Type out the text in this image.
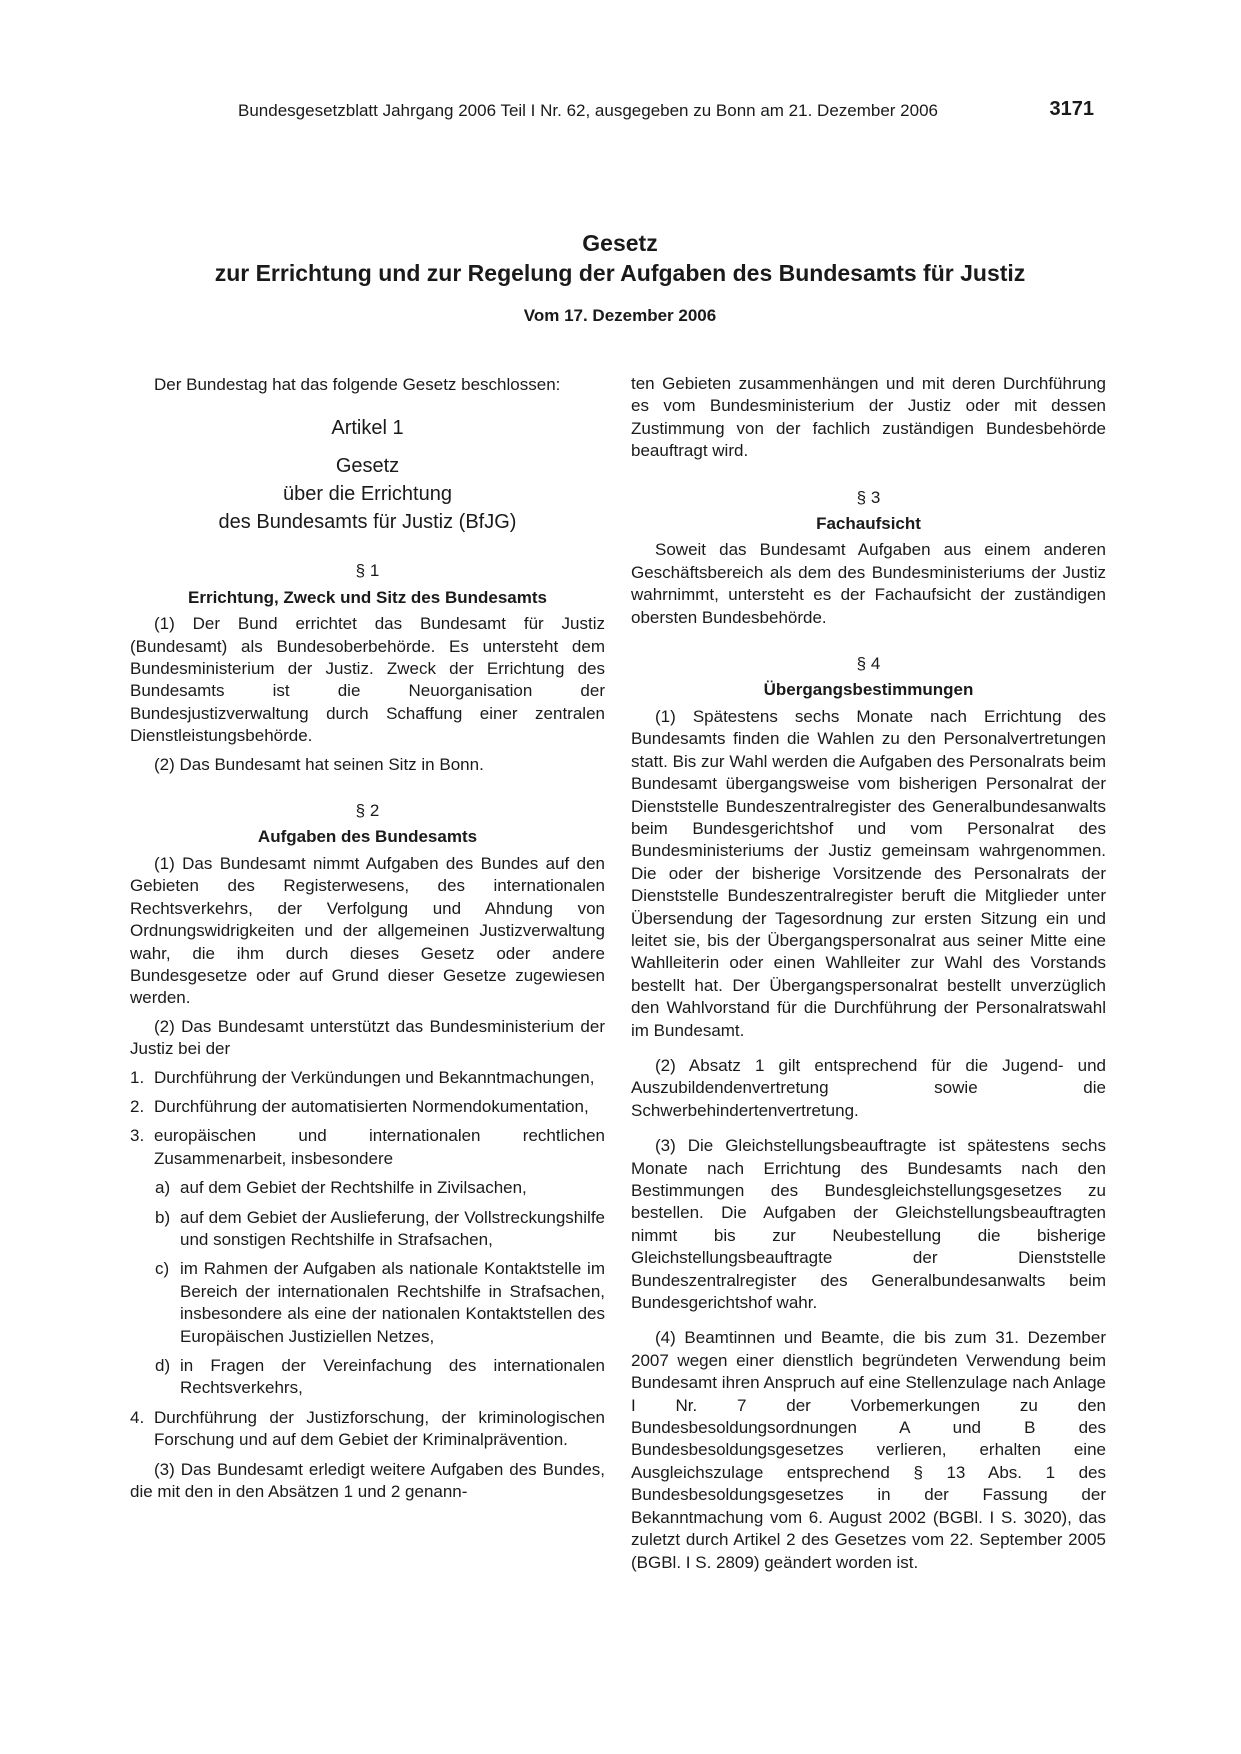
Bundesgesetzblatt Jahrgang 2006 Teil I Nr. 62, ausgegeben zu Bonn am 21. Dezember 2006	3171
Gesetz
zur Errichtung und zur Regelung der Aufgaben des Bundesamts für Justiz
Vom 17. Dezember 2006

Der Bundestag hat das folgende Gesetz beschlossen:

Artikel 1
Gesetz
über die Errichtung
des Bundesamts für Justiz (BfJG)
§ 1
Errichtung, Zweck und Sitz des Bundesamts

(1) Der Bund errichtet das Bundesamt für Justiz (Bundesamt) als Bundesoberbehörde. Es untersteht dem Bundesministerium der Justiz. Zweck der Errichtung des Bundesamts ist die Neuorganisation der Bundesjustizverwaltung durch Schaffung einer zentralen Dienstleistungsbehörde.

(2) Das Bundesamt hat seinen Sitz in Bonn.

§ 2
Aufgaben des Bundesamts

(1) Das Bundesamt nimmt Aufgaben des Bundes auf den Gebieten des Registerwesens, des internationalen Rechtsverkehrs, der Verfolgung und Ahndung von Ordnungswidrigkeiten und der allgemeinen Justizverwaltung wahr, die ihm durch dieses Gesetz oder andere Bundesgesetze oder auf Grund dieser Gesetze zugewiesen werden.

(2) Das Bundesamt unterstützt das Bundesministerium der Justiz bei der

1. Durchführung der Verkündungen und Bekanntmachungen,
2. Durchführung der automatisierten Normendokumentation,
3. europäischen und internationalen rechtlichen Zusammenarbeit, insbesondere
a) auf dem Gebiet der Rechtshilfe in Zivilsachen,
b) auf dem Gebiet der Auslieferung, der Vollstreckungshilfe und sonstigen Rechtshilfe in Strafsachen,
c) im Rahmen der Aufgaben als nationale Kontaktstelle im Bereich der internationalen Rechtshilfe in Strafsachen, insbesondere als eine der nationalen Kontaktstellen des Europäischen Justiziellen Netzes,
d) in Fragen der Vereinfachung des internationalen Rechtsverkehrs,
4. Durchführung der Justizforschung, der kriminologischen Forschung und auf dem Gebiet der Kriminalprävention.

(3) Das Bundesamt erledigt weitere Aufgaben des Bundes, die mit den in den Absätzen 1 und 2 genann-

ten Gebieten zusammenhängen und mit deren Durchführung es vom Bundesministerium der Justiz oder mit dessen Zustimmung von der fachlich zuständigen Bundesbehörde beauftragt wird.

§ 3
Fachaufsicht

Soweit das Bundesamt Aufgaben aus einem anderen Geschäftsbereich als dem des Bundesministeriums der Justiz wahrnimmt, untersteht es der Fachaufsicht der zuständigen obersten Bundesbehörde.

§ 4
Übergangsbestimmungen

(1) Spätestens sechs Monate nach Errichtung des Bundesamts finden die Wahlen zu den Personalvertretungen statt. Bis zur Wahl werden die Aufgaben des Personalrats beim Bundesamt übergangsweise vom bisherigen Personalrat der Dienststelle Bundeszentralregister des Generalbundesanwalts beim Bundesgerichtshof und vom Personalrat des Bundesministeriums der Justiz gemeinsam wahrgenommen. Die oder der bisherige Vorsitzende des Personalrats der Dienststelle Bundeszentralregister beruft die Mitglieder unter Übersendung der Tagesordnung zur ersten Sitzung ein und leitet sie, bis der Übergangspersonalrat aus seiner Mitte eine Wahlleiterin oder einen Wahlleiter zur Wahl des Vorstands bestellt hat. Der Übergangspersonalrat bestellt unverzüglich den Wahlvorstand für die Durchführung der Personalratswahl im Bundesamt.

(2) Absatz 1 gilt entsprechend für die Jugend- und Auszubildendenvertretung sowie die Schwerbehindertenvertretung.

(3) Die Gleichstellungsbeauftragte ist spätestens sechs Monate nach Errichtung des Bundesamts nach den Bestimmungen des Bundesgleichstellungsgesetzes zu bestellen. Die Aufgaben der Gleichstellungsbeauftragten nimmt bis zur Neubestellung die bisherige Gleichstellungsbeauftragte der Dienststelle Bundeszentralregister des Generalbundesanwalts beim Bundesgerichtshof wahr.

(4) Beamtinnen und Beamte, die bis zum 31. Dezember 2007 wegen einer dienstlich begründeten Verwendung beim Bundesamt ihren Anspruch auf eine Stellenzulage nach Anlage I Nr. 7 der Vorbemerkungen zu den Bundesbesoldungsordnungen A und B des Bundesbesoldungsgesetzes verlieren, erhalten eine Ausgleichszulage entsprechend § 13 Abs. 1 des Bundesbesoldungsgesetzes in der Fassung der Bekanntmachung vom 6. August 2002 (BGBl. I S. 3020), das zuletzt durch Artikel 2 des Gesetzes vom 22. September 2005 (BGBl. I S. 2809) geändert worden ist.
